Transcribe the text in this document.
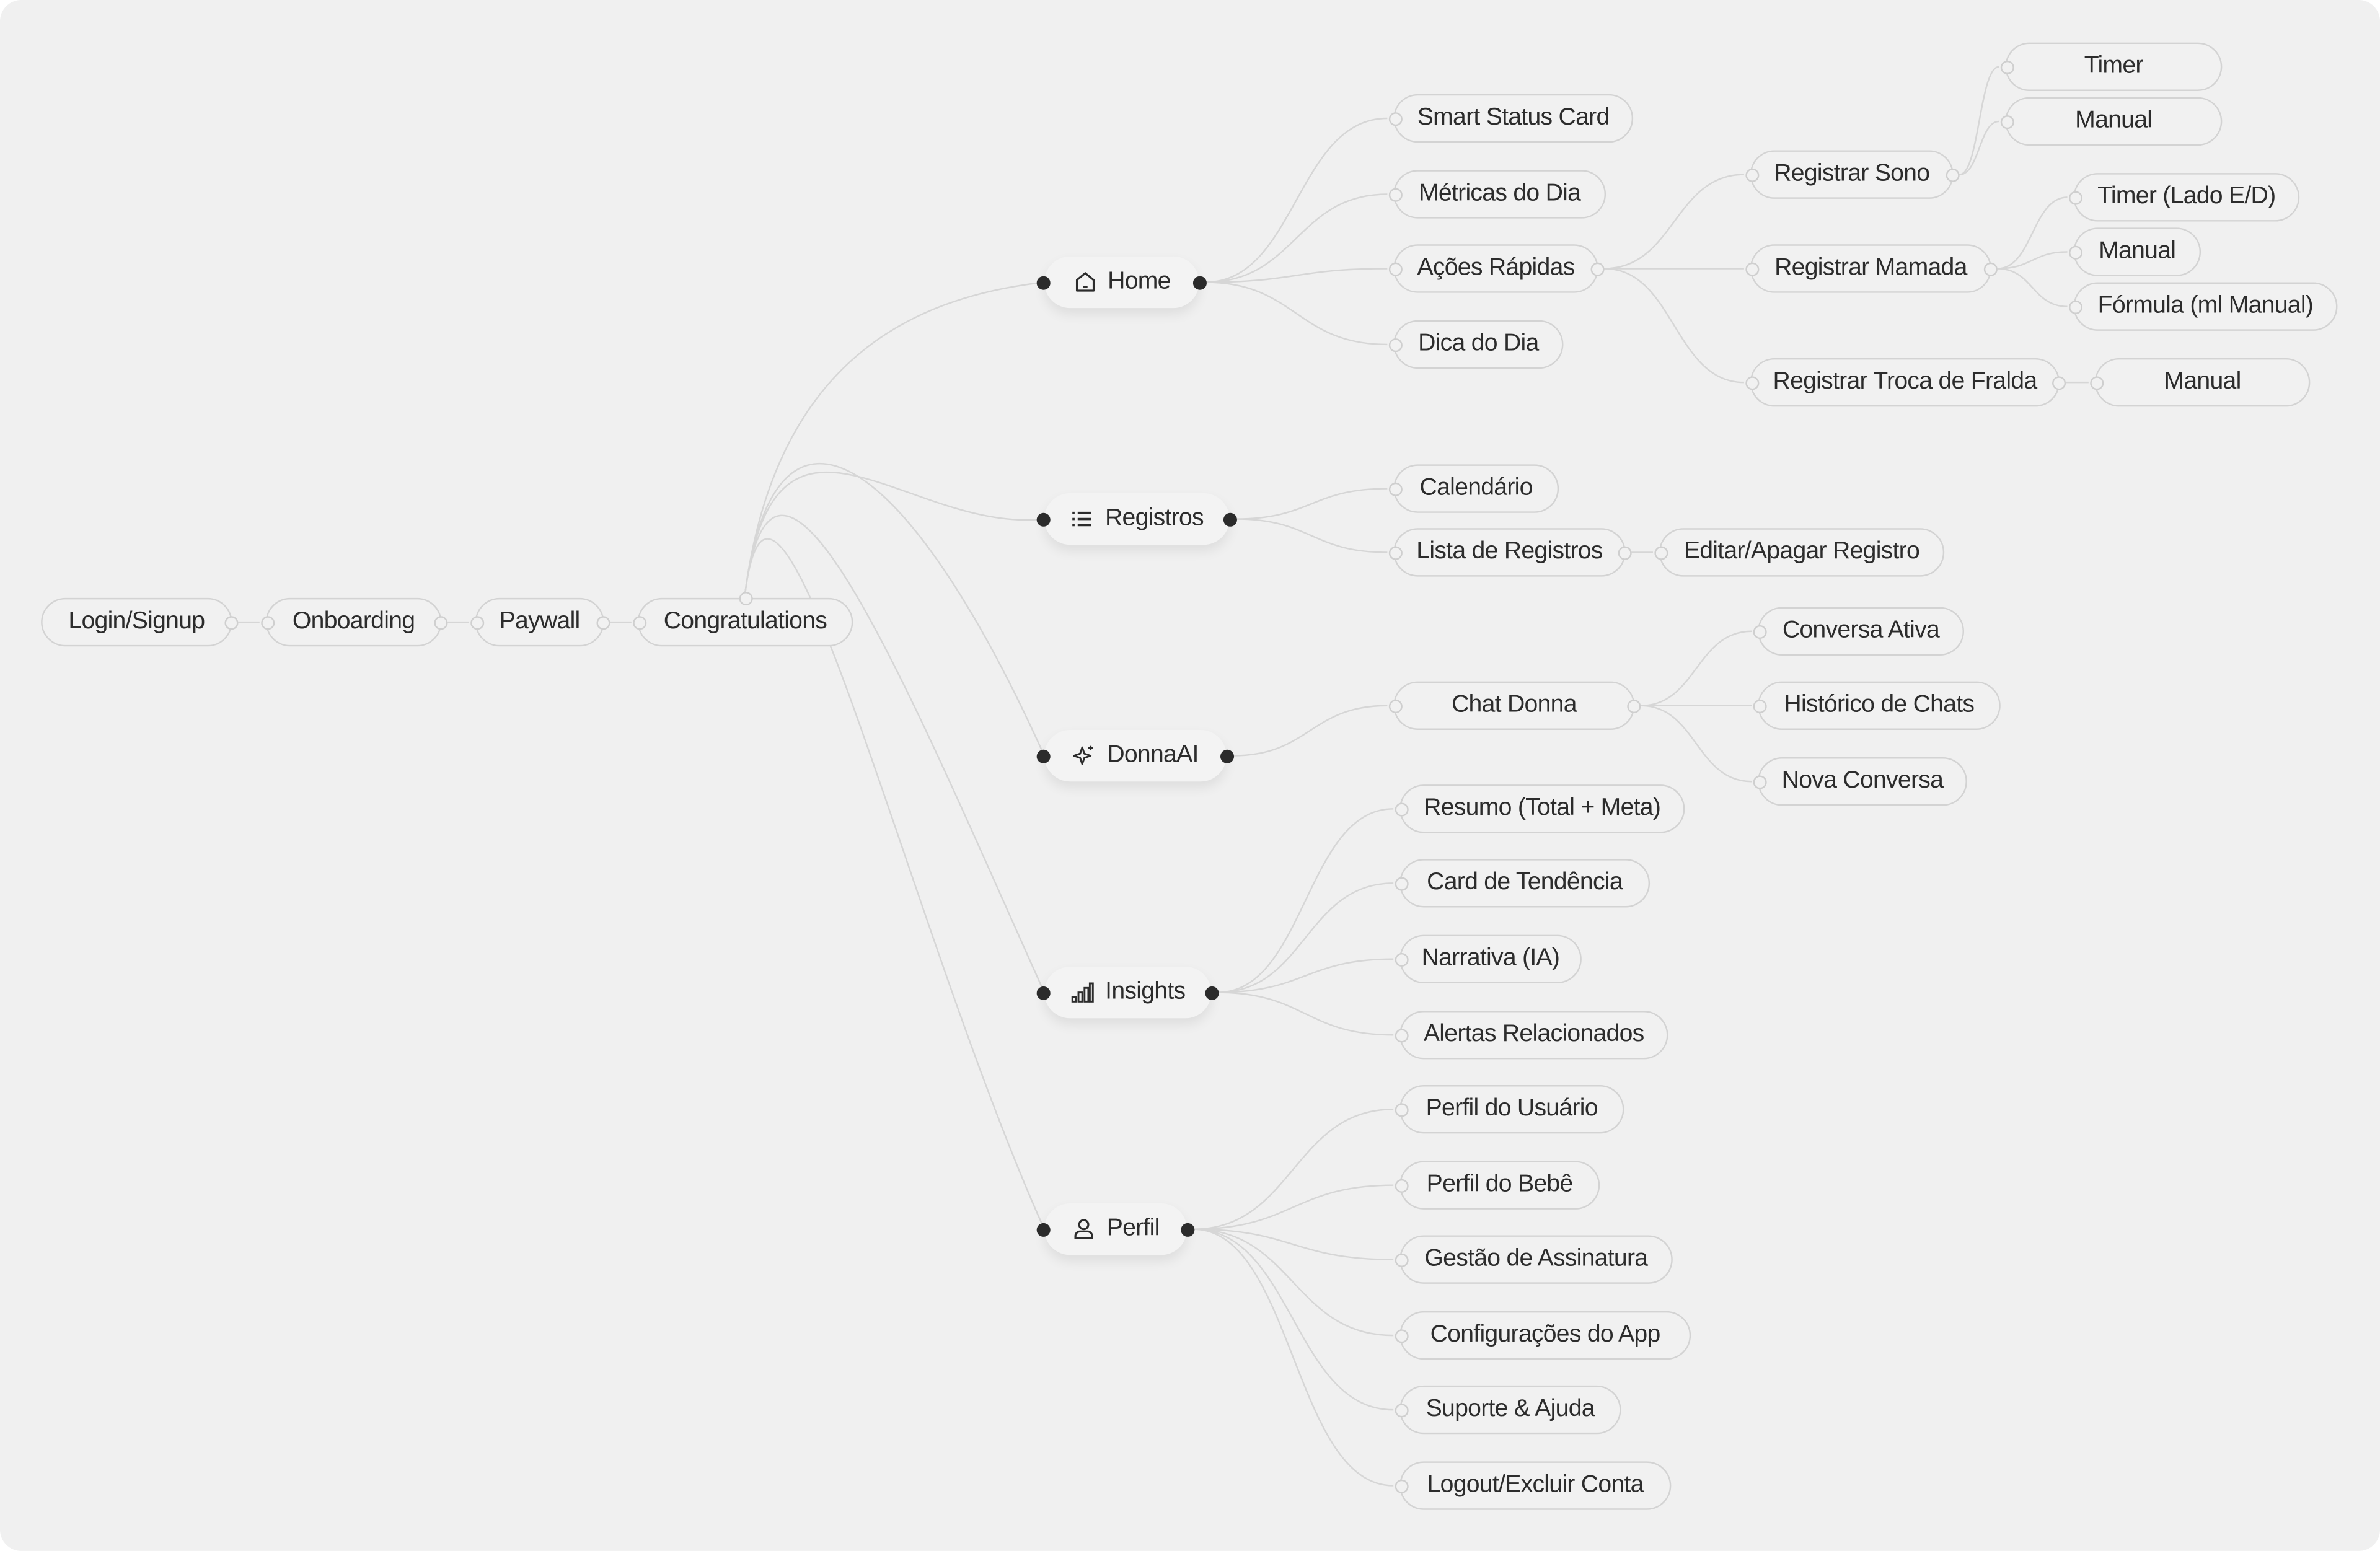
Login/Signup	Onboarding	Paywall	Congratulations
Home
Registros
DonnaAI
Insights
Perfil
Smart Status Card
Métricas do Dia
Ações Rápidas
Dica do Dia
Registrar Sono
Registrar Mamada
Registrar Troca de Fralda
Timer
Manual
Timer (Lado E/D)
Manual
Fórmula (ml Manual)
Manual
Calendário
Lista de Registros	Editar/Apagar Registro
Chat Donna
Conversa Ativa
Histórico de Chats
Nova Conversa
Resumo (Total + Meta)
Card de Tendência
Narrativa (IA)
Alertas Relacionados
Perfil do Usuário
Perfil do Bebê
Gestão de Assinatura
Configurações do App
Suporte & Ajuda
Logout/Excluir Conta
